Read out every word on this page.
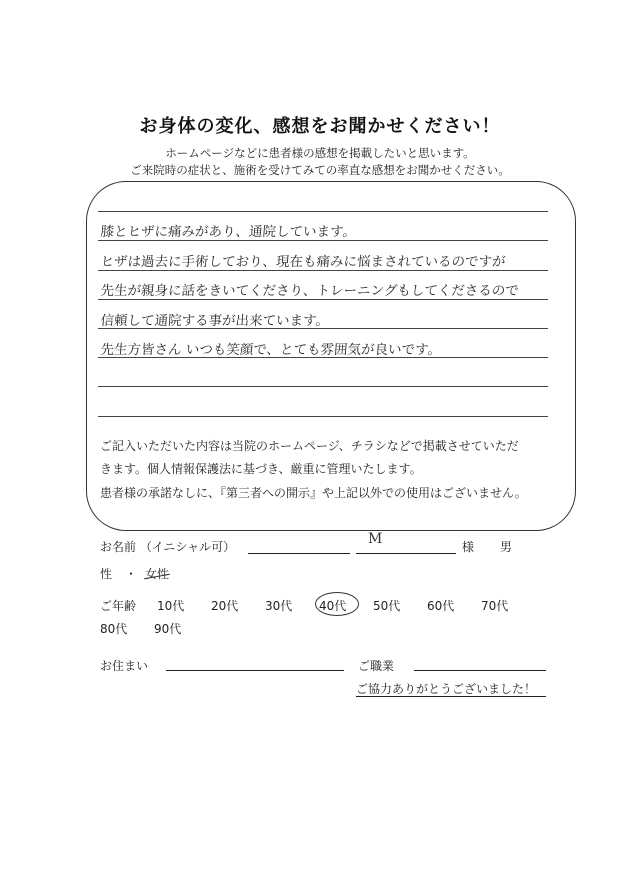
お身体の変化、感想をお聞かせください！
ホームページなどに患者様の感想を掲載したいと思います。
ご来院時の症状と、施術を受けてみての率直な感想をお聞かせください。
膝とヒザに痛みがあり、通院しています。
ヒザは過去に手術しており、現在も痛みに悩まされているのですが
先生が親身に話をきいてくださり、トレーニングもしてくださるので
信頼して通院する事が出来ています。
先生方皆さん いつも笑顔で、とても雰囲気が良いです。
ご記入いただいた内容は当院のホームページ、チラシなどで掲載させていただ
きます。個人情報保護法に基づき、厳重に管理いたします。
患者様の承諾なしに、『第三者への開示』や上記以外での使用はございません。
お名前 （イニシャル可）	M	様 男
性 ・ 女性
ご年齢 10代 20代 30代 40代 50代 60代 70代
80代 90代
お住まい	ご職業
ご協力ありがとうございました！
